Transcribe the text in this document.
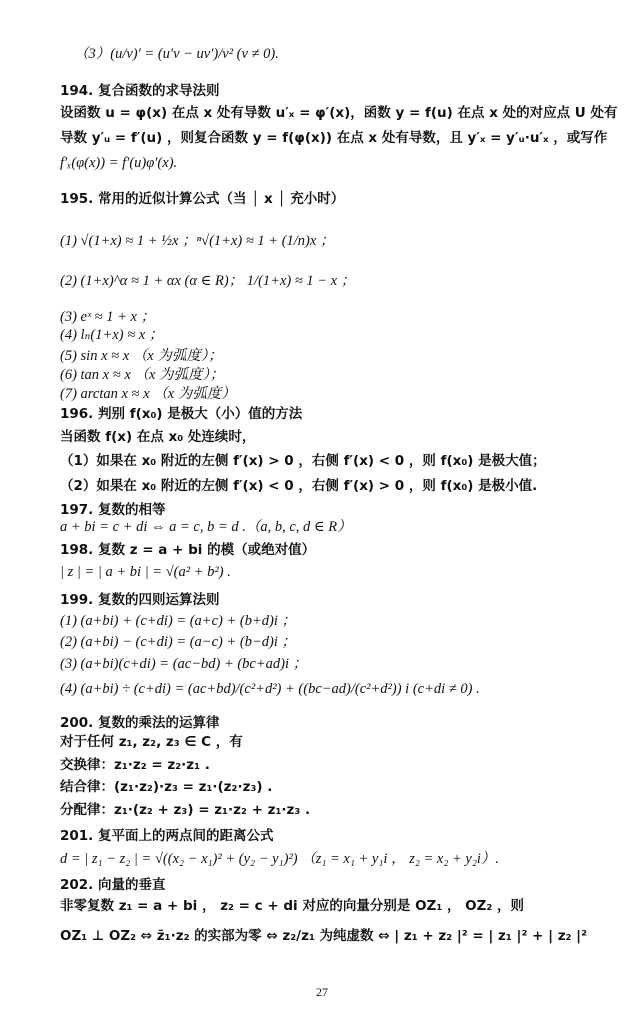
（3）(u/v)′ = (u′v − uv′)/v² (v ≠ 0).
194. 复合函数的求导法则
设函数 u = φ(x) 在点 x 处有导数 u′ₓ = φ′(x)，函数 y = f(u) 在点 x 处的对应点 U 处有
导数 y′ᵤ = f′(u) ，则复合函数 y = f(φ(x)) 在点 x 处有导数，且 y′ₓ = y′ᵤ·u′ₓ ，或写作
f′ₓ(φ(x)) = f′(u)φ′(x).
195. 常用的近似计算公式（当 │ x │ 充小时）
(1) √(1+x) ≈ 1 + ½x ；ⁿ√(1+x) ≈ 1 + (1/n)x ；
(2) (1+x)^α ≈ 1 + αx (α ∈ R)； 1/(1+x) ≈ 1 − x ；
(3) eˣ ≈ 1 + x ；
(4) lₙ(1+x) ≈ x ；
(5) sin x ≈ x （x 为弧度）；
(6) tan x ≈ x （x 为弧度）；
(7) arctan x ≈ x （x 为弧度）
196. 判别 f(x₀) 是极大（小）值的方法
当函数 f(x) 在点 x₀ 处连续时，
（1）如果在 x₀ 附近的左侧 f′(x) > 0 ，右侧 f′(x) < 0 ，则 f(x₀) 是极大值；
（2）如果在 x₀ 附近的左侧 f′(x) < 0 ，右侧 f′(x) > 0 ，则 f(x₀) 是极小值.
197. 复数的相等
a + bi = c + di ⇔ a = c, b = d .（a, b, c, d ∈ R）
198. 复数 z = a + bi 的模（或绝对值）
| z | = | a + bi | = √(a² + b²) .
199. 复数的四则运算法则
(1) (a+bi) + (c+di) = (a+c) + (b+d)i ；
(2) (a+bi) − (c+di) = (a−c) + (b−d)i ；
(3) (a+bi)(c+di) = (ac−bd) + (bc+ad)i ；
(4) (a+bi) ÷ (c+di) = (ac+bd)/(c²+d²) + ((bc−ad)/(c²+d²)) i (c+di ≠ 0) .
200. 复数的乘法的运算律
对于任何 z₁, z₂, z₃ ∈ C ，有
交换律：z₁·z₂ = z₂·z₁ .
结合律：(z₁·z₂)·z₃ = z₁·(z₂·z₃) .
分配律：z₁·(z₂ + z₃) = z₁·z₂ + z₁·z₃ .
201. 复平面上的两点间的距离公式
d = | z₁ − z₂ | = √((x₂ − x₁)² + (y₂ − y₁)²) （z₁ = x₁ + y₁i ， z₂ = x₂ + y₂i）.
202. 向量的垂直
非零复数 z₁ = a + bi ， z₂ = c + di 对应的向量分别是 OZ₁ ， OZ₂ ，则
OZ₁ ⊥ OZ₂ ⇔ z̄₁·z₂ 的实部为零 ⇔ z₂/z₁ 为纯虚数 ⇔ | z₁ + z₂ |² = | z₁ |² + | z₂ |²
27
